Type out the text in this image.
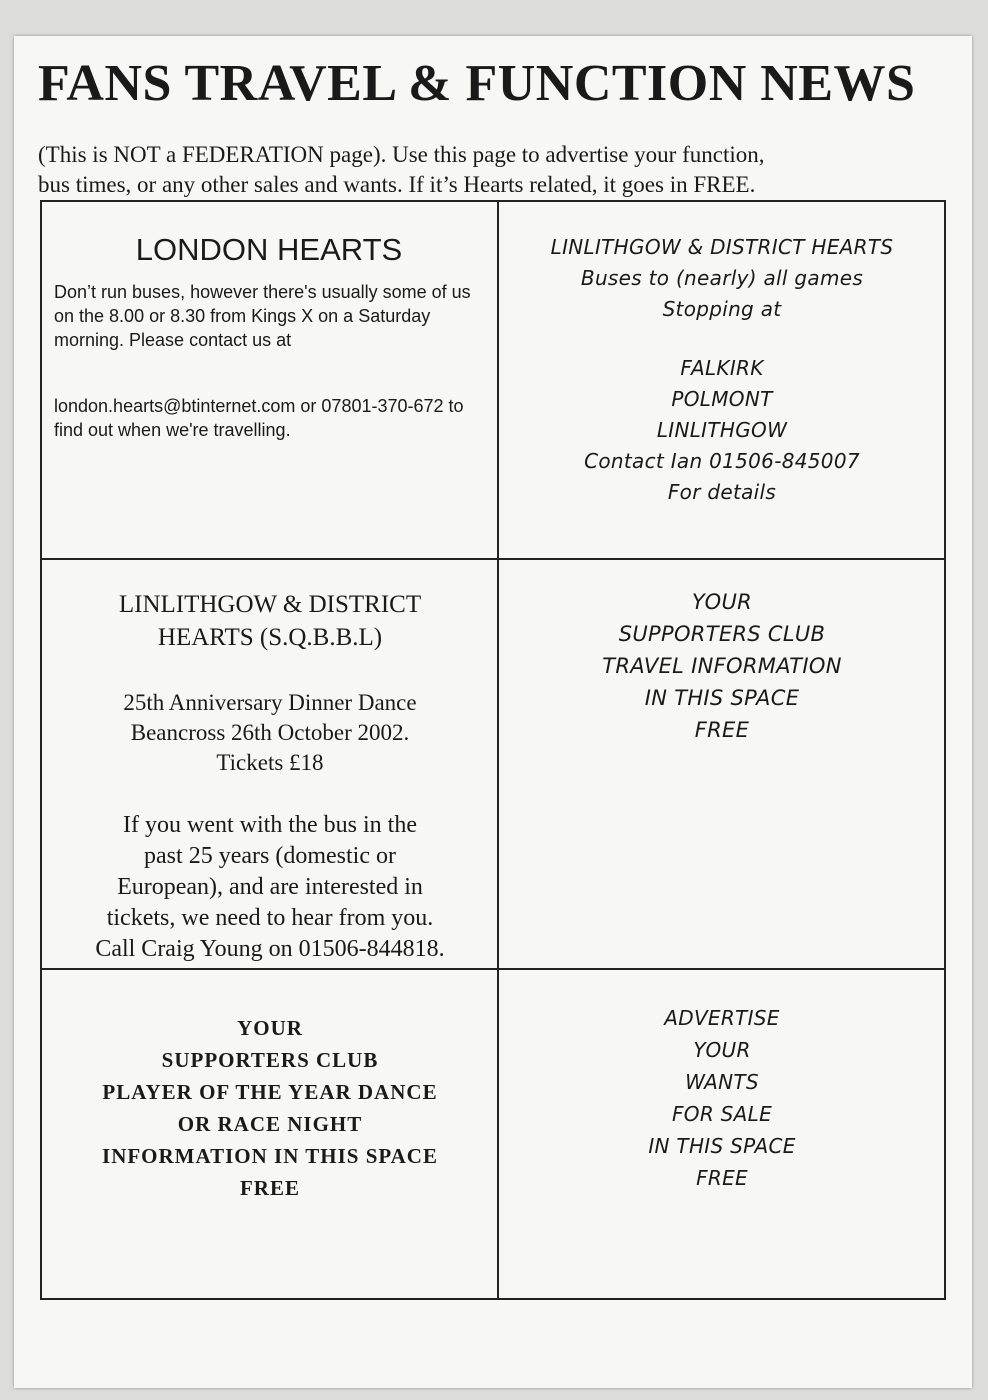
FANS TRAVEL & FUNCTION NEWS

(This is NOT a FEDERATION page). Use this page to advertise your function,
bus times, or any other sales and wants. If it’s Hearts related, it goes in FREE.

LONDON HEARTS

Don’t run buses, however there's usually some of us on the 8.00 or 8.30 from Kings X on a Saturday morning. Please contact us at

london.hearts@btinternet.com or 07801-370-672 to find out when we're travelling.

LINLITHGOW & DISTRICT HEARTS

Buses to (nearly) all games

Stopping at

FALKIRK

POLMONT

LINLITHGOW

Contact Ian 01506-845007

For details

LINLITHGOW & DISTRICT

HEARTS (S.Q.B.B.L)

25th Anniversary Dinner Dance

Beancross 26th October 2002.

Tickets £18

If you went with the bus in the

past 25 years (domestic or

European), and are interested in

tickets, we need to hear from you.

Call Craig Young on 01506-844818.

YOUR

SUPPORTERS CLUB

TRAVEL INFORMATION

IN THIS SPACE

FREE

YOUR

SUPPORTERS CLUB

PLAYER OF THE YEAR DANCE

OR RACE NIGHT

INFORMATION IN THIS SPACE

FREE

ADVERTISE

YOUR

WANTS

FOR SALE

IN THIS SPACE

FREE
